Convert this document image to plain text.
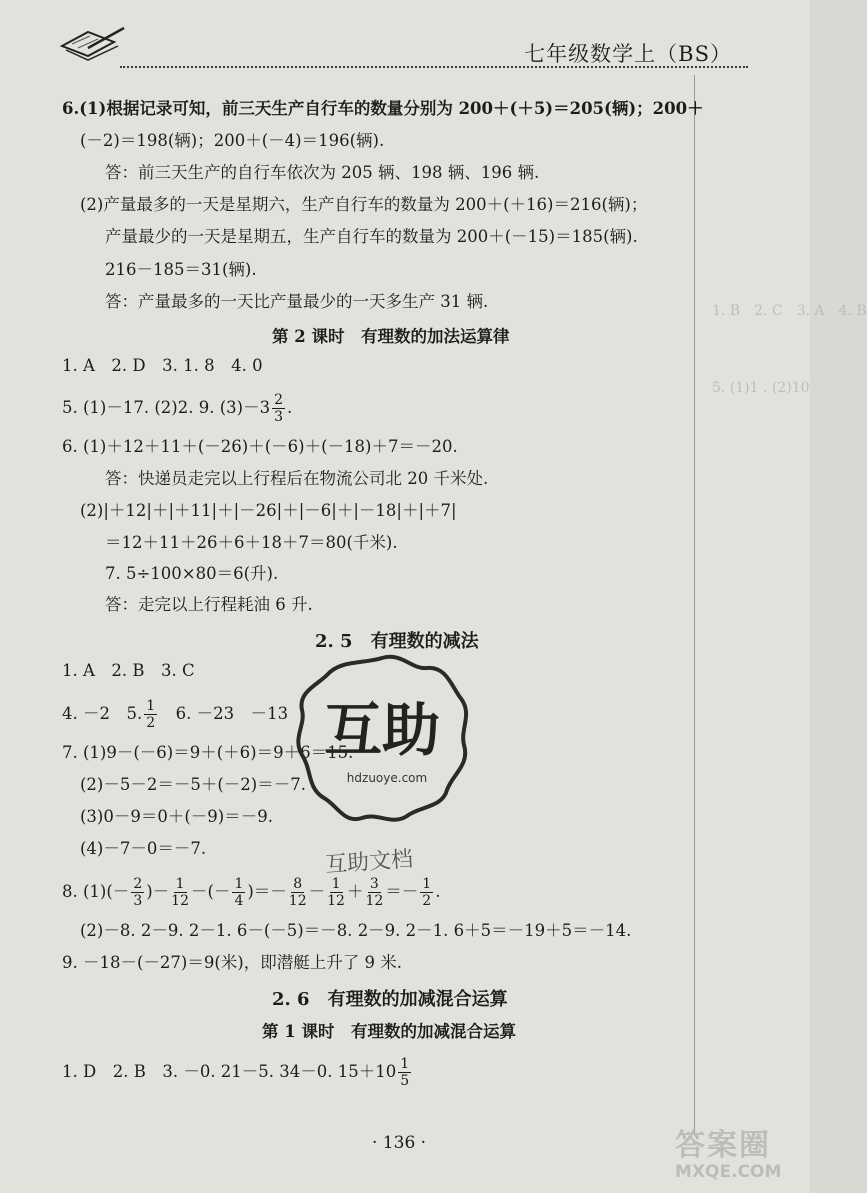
七年级数学上（BS）
1. B　2. C　3. A　4. B
5. (1)1 . (2)10
6.(1)根据记录可知，前三天生产自行车的数量分别为 200＋(＋5)＝205(辆)；200＋
(－2)＝198(辆)；200＋(－4)＝196(辆).
答：前三天生产的自行车依次为 205 辆、198 辆、196 辆.
(2)产量最多的一天是星期六，生产自行车的数量为 200＋(＋16)＝216(辆)；
产量最少的一天是星期五，生产自行车的数量为 200＋(－15)＝185(辆).
216－185＝31(辆).
答：产量最多的一天比产量最少的一天多生产 31 辆.
第 2 课时　有理数的加法运算律
1. A　2. D　3. 1. 8　4. 0
5. (1)－17. (2)2. 9. $(3)-3 \frac{2}{3}$ .
6. (1)＋12＋11＋(－26)＋(－6)＋(－18)＋7＝－20.
答：快递员走完以上行程后在物流公司北 20 千米处.
(2)|＋12|＋|＋11|＋|－26|＋|－6|＋|－18|＋|＋7|
＝12＋11＋26＋6＋18＋7＝80(千米).
7. 5÷100×80＝6(升).
答：走完以上行程耗油 6 升.
2. 5　有理数的减法
1. A　2. B　3. C
4. －2　5. $\frac{1}{2}$
　 6. －23　－13
7. (1)9－(－6)＝9＋(＋6)＝9＋6＝15.
(2)－5－2＝－5＋(－2)＝－7.
(3)0－9＝0＋(－9)＝－9.
(4)－7－0＝－7.
8. $(1)(- \frac{2}{3}$ )－ $\frac{1}{12}$ －(－ $\frac{1}{4}$ )＝－ $\frac{8}{12} - \frac{1}{12} + \frac{3}{12} =- \frac{1}{2}$ .
(2)－8. 2－9. 2－1. 6－(－5)＝－8. 2－9. 2－1. 6＋5＝－19＋5＝－14.
9. －18－(－27)＝9(米)，即潜艇上升了 9 米.
2. 6　有理数的加减混合运算
第 1 课时　有理数的加减混合运算
1. D　2. B　3. －0. 21－5. 34－0. $15+10 \frac{1}{5}$
互助
hdzuoye.com
互助文档
· 136 ·	答案圈
MXQE.COM
